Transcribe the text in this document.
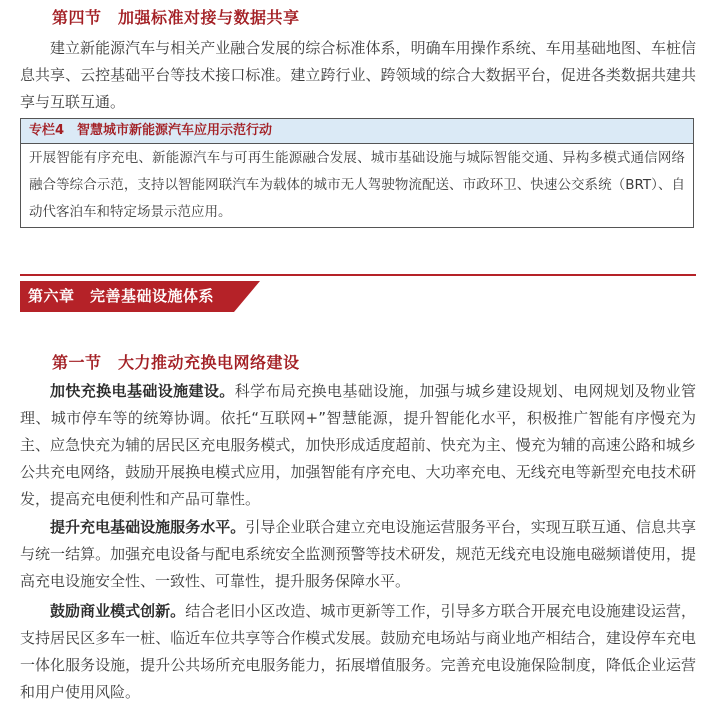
第四节　加强标准对接与数据共享

建立新能源汽车与相关产业融合发展的综合标准体系，明确车用操作系统、车用基础地图、车桩信息共享、云控基础平台等技术接口标准。建立跨行业、跨领域的综合大数据平台，促进各类数据共建共享与互联互通。

专栏4　智慧城市新能源汽车应用示范行动
开展智能有序充电、新能源汽车与可再生能源融合发展、城市基础设施与城际智能交通、异构多模式通信网络融合等综合示范，支持以智能网联汽车为载体的城市无人驾驶物流配送、市政环卫、快速公交系统（BRT）、自动代客泊车和特定场景示范应用。
第六章　完善基础设施体系
第一节　大力推动充换电网络建设

加快充换电基础设施建设。科学布局充换电基础设施，加强与城乡建设规划、电网规划及物业管理、城市停车等的统筹协调。依托“互联网+”智慧能源，提升智能化水平，积极推广智能有序慢充为主、应急快充为辅的居民区充电服务模式，加快形成适度超前、快充为主、慢充为辅的高速公路和城乡公共充电网络，鼓励开展换电模式应用，加强智能有序充电、大功率充电、无线充电等新型充电技术研发，提高充电便利性和产品可靠性。

提升充电基础设施服务水平。引导企业联合建立充电设施运营服务平台，实现互联互通、信息共享与统一结算。加强充电设备与配电系统安全监测预警等技术研发，规范无线充电设施电磁频谱使用，提高充电设施安全性、一致性、可靠性，提升服务保障水平。

鼓励商业模式创新。结合老旧小区改造、城市更新等工作，引导多方联合开展充电设施建设运营，支持居民区多车一桩、临近车位共享等合作模式发展。鼓励充电场站与商业地产相结合，建设停车充电一体化服务设施，提升公共场所充电服务能力，拓展增值服务。完善充电设施保险制度，降低企业运营和用户使用风险。
